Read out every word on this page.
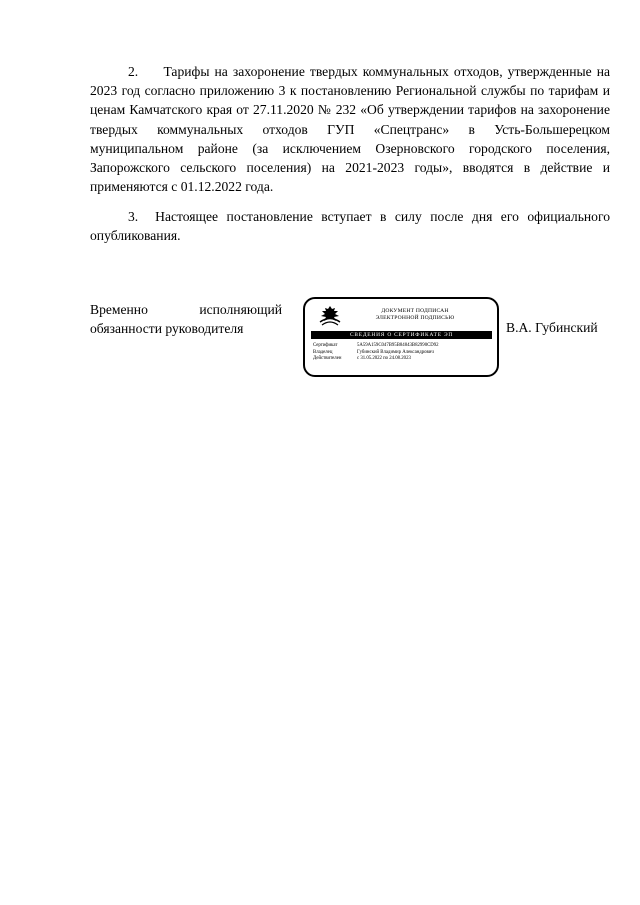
2. Тарифы на захоронение твердых коммунальных отходов, утвержденные на 2023 год согласно приложению 3 к постановлению Региональной службы по тарифам и ценам Камчатского края от 27.11.2020 № 232 «Об утверждении тарифов на захоронение твердых коммунальных отходов ГУП «Спецтранс» в Усть-Большерецком муниципальном районе (за исключением Озерновского городского поселения, Запорожского сельского поселения) на 2021-2023 годы», вводятся в действие и применяются с 01.12.2022 года.

3. Настоящее постановление вступает в силу после дня его официального опубликования.

Временно	исполняющий
обязанности руководителя
ДОКУМЕНТ ПОДПИСАН
ЭЛЕКТРОННОЙ ПОДПИСЬЮ
СВЕДЕНИЯ О СЕРТИФИКАТЕ ЭП
Сертификат	5A59A159C047B95B84843B82990CD92
Владелец	Губинский Владимир Александрович
Действителен	с 31.05.2022 по 24.08.2023
В.А. Губинский
